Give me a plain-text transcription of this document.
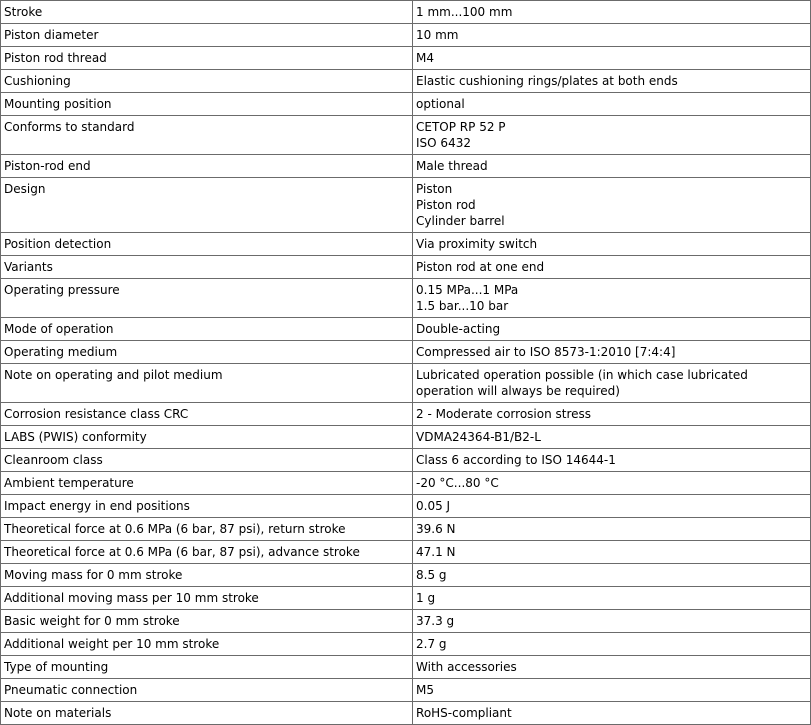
Stroke	1 mm...100 mm

Piston diameter	10 mm

Piston rod thread	M4

Cushioning	Elastic cushioning rings/plates at both ends

Mounting position	optional

Conforms to standard	CETOP RP 52 P
ISO 6432

Piston-rod end	Male thread

Design	Piston
Piston rod
Cylinder barrel

Position detection	Via proximity switch

Variants	Piston rod at one end

Operating pressure	0.15 MPa...1 MPa
1.5 bar...10 bar

Mode of operation	Double-acting

Operating medium	Compressed air to ISO 8573-1:2010 [7:4:4]

Note on operating and pilot medium	Lubricated operation possible (in which case lubricated operation will always be required)

Corrosion resistance class CRC	2 - Moderate corrosion stress

LABS (PWIS) conformity	VDMA24364-B1/B2-L

Cleanroom class	Class 6 according to ISO 14644-1

Ambient temperature	-20 °C...80 °C

Impact energy in end positions	0.05 J

Theoretical force at 0.6 MPa (6 bar, 87 psi), return stroke	39.6 N

Theoretical force at 0.6 MPa (6 bar, 87 psi), advance stroke	47.1 N

Moving mass for 0 mm stroke	8.5 g

Additional moving mass per 10 mm stroke	1 g

Basic weight for 0 mm stroke	37.3 g

Additional weight per 10 mm stroke	2.7 g

Type of mounting	With accessories

Pneumatic connection	M5

Note on materials	RoHS-compliant
